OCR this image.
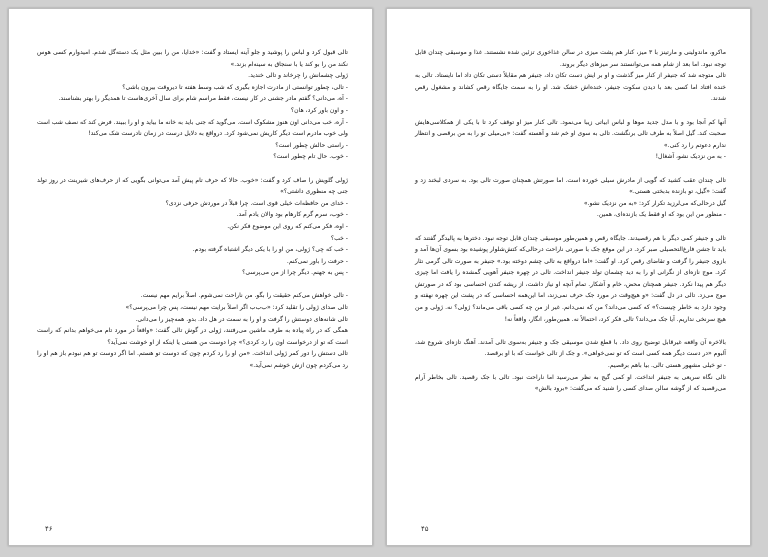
تالی قبول کرد و لباس را پوشید و جلو آینه ایستاد و گفت: «خدایا، من را ببین مثل یک دسته‌گل شدم. امیدوارم کسی هوس نکند من را بو کند یا با سنجاق به سینه‌ام بزند.»

ژولی چشمانش را چرخاند و تالی خندید.

- تالی، چطور توانستی از مادرت اجازه بگیری که شب وسط هفته تا دیروقت بیرون باشی؟

- آه، می‌دانی؟ گفتم مادر جشنی در کار نیست، فقط مراسم شام برای سال آخری‌هاست تا همدیگر را بهتر بشناسند.

- و اون باور کرد، هان؟

- آره، خب می‌دانی اون هنوز مشکوک است. می‌گوید که جنی باید به خانه ما بیاید و او را ببیند. فرض کند که نصف شب است ولی خوب مادرم است دیگر کاریش نمی‌شود کرد. درواقع به دلایل درست در زمان نادرست شک می‌کند!

- راستی حالش چطور است؟

- خوب. حال تام چطور است؟

ژولی گلویش را صاف کرد و گفت: «خوب. حالا که حرف تام پیش آمد می‌توانی بگویی که از حرف‌های شیرینت در روز تولد جنی چه منظوری داشتی؟»

- خدای من حافظه‌ات خیلی قوی است. چرا قبلاً در موردش حرفی نزدی؟

- خوب، سرم گرم کارهام بود والان یادم آمد.

- اوه، فکر می‌کنم که روی این موضوع فکر نکن.

- خب؟

- خب که چی؟ ژولی، من او را با یکی دیگر اشتباه گرفته بودم.

- حرفت را باور نمی‌کنم.

- پس به جهنم. دیگر چرا از من می‌پرسی؟

- تالی خواهش می‌کنم حقیقت را بگو. من ناراحت نمی‌شوم. اصلاً برایم مهم نیست.

تالی صدای ژولی را تقلید کرد: «ب‌ب‌ب اگر اصلاً برایت مهم نیست، پس چرا می‌پرسی؟»

تالی شانه‌های دوستش را گرفت و او را به سمت در هل داد. بدو. همه‌چیز را می‌دانی.

همگی که در راه پیاده به طرف ماشین می‌رفتند، ژولی در گوش تالی گفت: «واقعاً در مورد تام می‌خواهم بدانم که راست است که تو از درخواست اون را رد کردی؟» چرا دوست من هستی یا اینکه از او خوشت نمی‌آید؟

تالی دستش را دور کمر ژولی انداخت. «من او را رد کردم چون که دوست تو هستم. اما اگر دوست تو هم نبودم باز هم او را رد می‌کردم چون ازش خوشم نمی‌آید.»

۴۶

ماکرو، ماندولینی و مارتینز با ۳ میز، کنار هم پشت میزی در سالن غذاخوری تزئین شده نشستند. غذا و موسیقی چندان قابل توجه نبود. اما بعد از شام همه می‌توانستند سر میزهای دیگر بروند.

تالی متوجه شد که جنیفر از کنار میز گذشت و او بر ایش دست تکان داد، جنیفر هم مقابلاً دستی تکان داد اما نایستاد. تالی به خنده افتاد اما کسی بعد با دیدن سکوت جنیفر، خنده‌اش خشک شد. او را به سمت جایگاه رقص کشاند و مشغول رقص شدند.

آنها کم آنجا بود و با مدل جدید موها و لباس ابیاتی زیبا می‌نمود. تالی کنار میز او توقف کرد تا با یکی از همکلاسی‌هایش صحبت کند. گیل اصلاً به طرف تالی برنگشت. تالی به سوی او خم شد و آهسته گفت: «بی‌میلی تو را به من برقصی و انتظار ندارم دعوتم را رد کنی.»

- به من نزدیک نشو، آشغال!

تالی چندان عقب کشید که گویی از مادرش سیلی خورده است. اما صورتش همچنان صورت تالی بود. به سردی لبخند زد و گفت: «گیل، تو بازنده بدبختی هستی.»

گیل درحالی‌که می‌لرزید تکرار کرد: «به من نزدیک نشو.»

- منظور من این بود که او فقط یک بازنده‌ای، همین.

تالی و جنیفر کمی دیگر با هم رقصیدند. جایگاه رقص و همین‌طور موسیقی چندان قابل توجه نبود. دختر‌ها به پالیدگر گفتند که باید تا جشن فارغ‌التحصیلی صبر کرد. در این موقع جک با صورتی ناراحت درحالی‌که کتش‌شلوار پوشیده بود بسوی آن‌ها آمد و بازوی جنیفر را گرفت و تقاضای رقص کرد. او گفت: «اما درواقع به تالی چشم دوخته بود.» جنیفر به صورت تالی گرمی نثار کرد. موج نازه‌ای از نگرانی او را به دید چشمان تولد جنیفر انداخت. تالی در چهره جنیفر آهویی گمشده را یافت اما چیزی دیگر هم پیدا نکرد. جنیفر همچنان محض، خام و آشکار. تمام آنچه او نیاز داشت، از ریشه کندن احساسی بود که در صورتش موج می‌زد. تالی در دل گفت: «و هیچ‌وقت در مورد جک حرف نمی‌زند، اما این‌همه احساسی که در پشت این چهره نهفته و وجود دارد به خاطر چیست؟» که کسی می‌داند؟ من که نمی‌دانم. غیر از من چه کسی باقی می‌ماند؟ ژولی؟ نه. ژولی و من هیچ سرنخی نداریم. آیا جک می‌داند؟ تالی فکر کرد، احتمالاً نه. همین‌طور، انگار، واقعاً نه!

بالاخره آن واقعه غیرقابل توضیح روی داد. با قطع شدن موسیقی جک و جنیفر به‌سوی تالی آمدند. آهنگ تازه‌ای شروع شد، آلبوم «در دست دیگر همه کسی است که تو نمی‌خواهی». و جک از تالی خواست که با او برقصد.

- تو خیلی مشهور هستی تالی. بیا باهم برقصیم.

تالی نگاه سریعی به جنیفر انداخت. او کمی گیج به نظر می‌رسید اما ناراحت نبود. تالی با جک رقصید. تالی بخاطر آرام می‌رقصید که از گوشه سالن صدای کسی را شنید که می‌گفت: «برود بالش»

۴۵
